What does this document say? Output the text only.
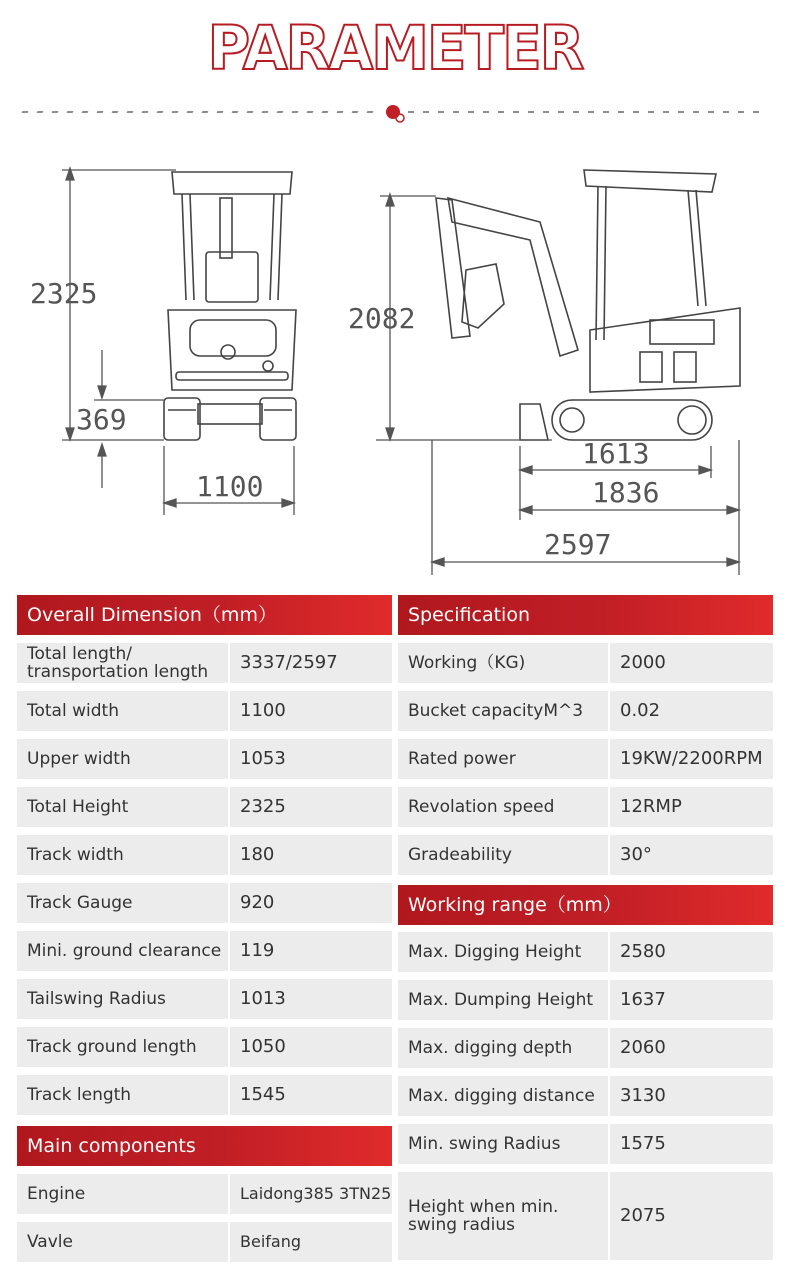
PARAMETER
2325
369
1100
2082
1613
1836
2597
Overall Dimension（mm）
Total length/
transportation length	3337/2597
Total width	1100
Upper width	1053
Total Height	2325
Track width	180
Track Gauge	920
Mini. ground clearance	119
Tailswing Radius	1013
Track ground length	1050
Track length	1545
Main components
Engine	Laidong385 3TN25
Vavle	Beifang
Specification
Working（KG)	2000
Bucket capacityM^3	0.02
Rated power	19KW/2200RPM
Revolation speed	12RMP
Gradeability	30°
Working range（mm）
Max. Digging Height	2580
Max. Dumping Height	1637
Max. digging depth	2060
Max. digging distance	3130
Min. swing Radius	1575
Height when min.
swing radius	2075
